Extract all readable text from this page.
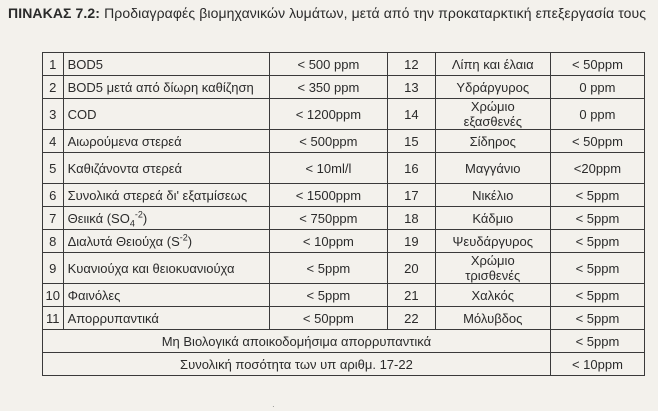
ΠΙΝΑΚΑΣ 7.2: Προδιαγραφές βιομηχανικών λυμάτων, μετά από την προκαταρκτική επεξεργασία τους
1	BOD5	< 500 ppm	12	Λίπη και έλαια	< 50ppm
2	BOD5 μετά από δίωρη καθίζηση	< 350 ppm	13	Υδράργυρος	0 ppm
3	COD	< 1200ppm	14	Χρώμιο
εξασθενές	0 ppm
4	Αιωρούμενα στερεά	< 500ppm	15	Σίδηρος	< 50ppm
5	Καθιζάνοντα στερεά	< 10ml/l	16	Μαγγάνιο	<20ppm
6	Συνολικά στερεά δι' εξατμίσεως	< 1500ppm	17	Νικέλιο	< 5ppm
7	Θειικά $(SO_4^{-2})$	< 750ppm	18	Κάδμιο	< 5ppm
8	Διαλυτά Θειούχα $(S^{-2})$	< 10ppm	19	Ψευδάργυρος	< 5ppm
9	Κυανιούχα και θειοκυανιούχα	< 5ppm	20	Χρώμιο
τρισθενές	< 5ppm
10	Φαινόλες	< 5ppm	21	Χαλκός	< 5ppm
11	Απορρυπαντικά	< 50ppm	22	Μόλυβδος	< 5ppm
Μη Βιολογικά αποικοδομήσιμα απορρυπαντικά					< 5ppm
Συνολική ποσότητα των υπ αριθμ. 17-22					< 10ppm
·
